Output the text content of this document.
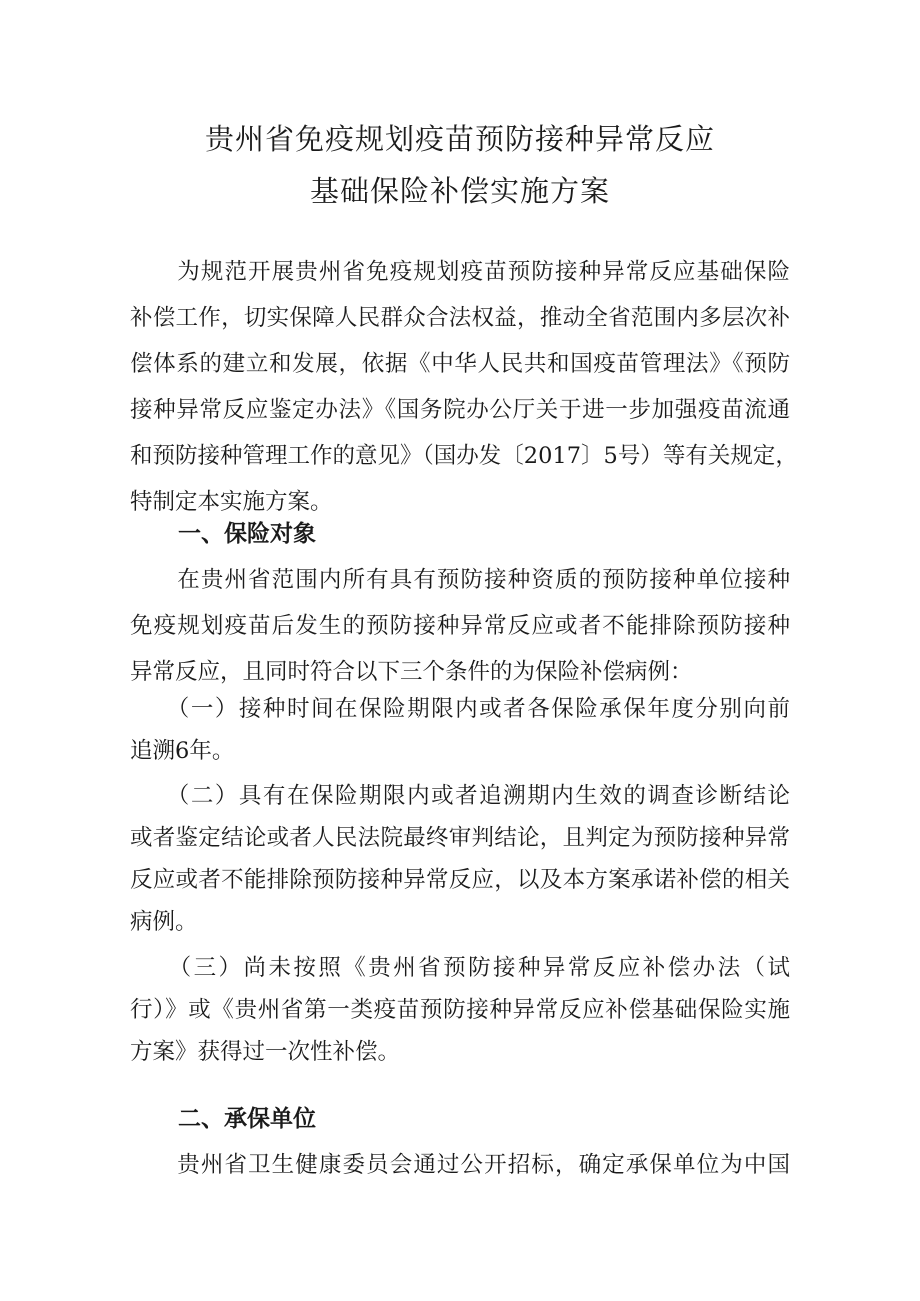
贵州省免疫规划疫苗预防接种异常反应
基础保险补偿实施方案
　　为规范开展贵州省免疫规划疫苗预防接种异常反应基础保险
补偿工作，切实保障人民群众合法权益，推动全省范围内多层次补
偿体系的建立和发展，依据《中华人民共和国疫苗管理法》《预防
接种异常反应鉴定办法》《国务院办公厅关于进一步加强疫苗流通
和预防接种管理工作的意见》（国办发〔2017〕5号）等有关规定，
特制定本实施方案。
一、保险对象
　　在贵州省范围内所有具有预防接种资质的预防接种单位接种
免疫规划疫苗后发生的预防接种异常反应或者不能排除预防接种
异常反应，且同时符合以下三个条件的为保险补偿病例：
　　（一）接种时间在保险期限内或者各保险承保年度分别向前
追溯6年。
　　（二）具有在保险期限内或者追溯期内生效的调查诊断结论
或者鉴定结论或者人民法院最终审判结论，且判定为预防接种异常
反应或者不能排除预防接种异常反应，以及本方案承诺补偿的相关
病例。
　　（三）尚未按照《贵州省预防接种异常反应补偿办法（试
行）》或《贵州省第一类疫苗预防接种异常反应补偿基础保险实施
方案》获得过一次性补偿。
二、承保单位
　　贵州省卫生健康委员会通过公开招标，确定承保单位为中国
